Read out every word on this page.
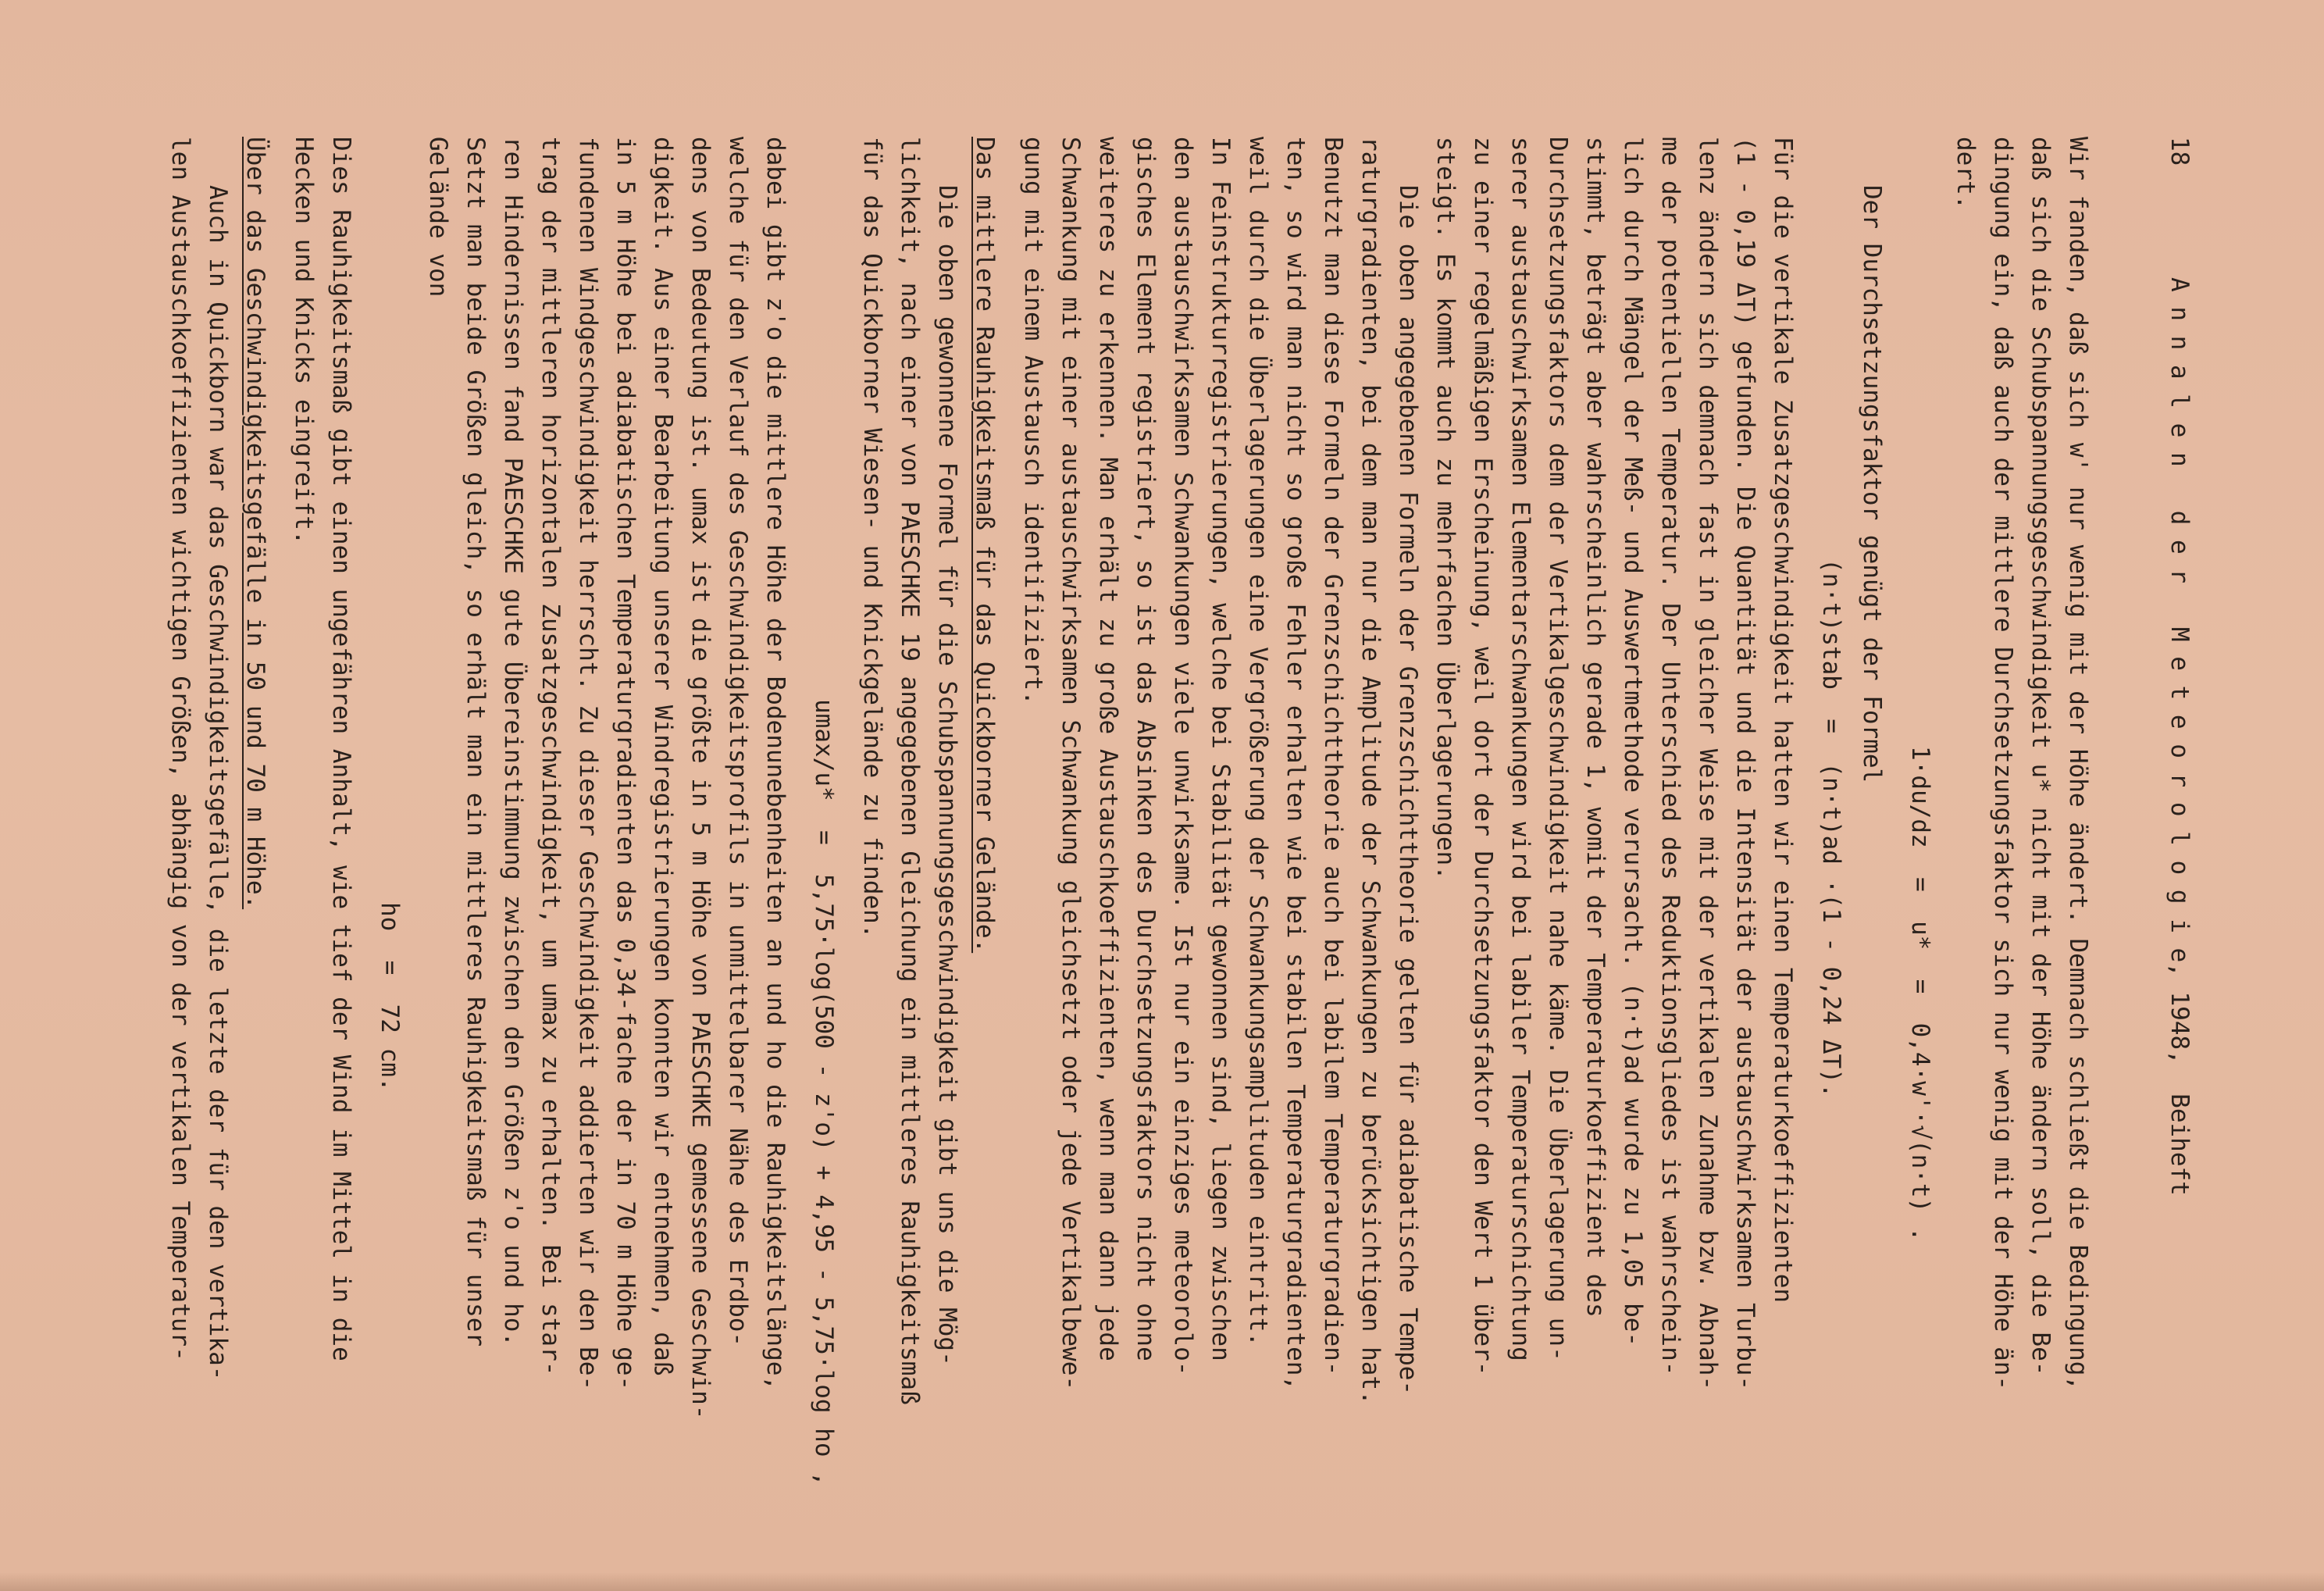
18
A n n a l e n   d e r   M e t e o r o l o g i e, 1948,  Beiheft
Wir fanden, daß sich w' nur wenig mit der Höhe ändert. Demnach schließt die Bedingung,
daß sich die Schubspannungsgeschwindigkeit u* nicht mit der Höhe ändern soll, die Be-
dingung ein, daß auch der mittlere Durchsetzungsfaktor sich nur wenig mit der Höhe än-
dert.
1·du/dz  =  u*  =  0,4·w'·√(n·t) .
Der Durchsetzungsfaktor genügt der Formel
(n·t)stab  =  (n·t)ad ·(1 - 0,24 ΔT).
Für die vertikale Zusatzgeschwindigkeit hatten wir einen Temperaturkoeffizienten
(1 - 0,19 ΔT) gefunden. Die Quantität und die Intensität der austauschwirksamen Turbu-
lenz ändern sich demnach fast in gleicher Weise mit der vertikalen Zunahme bzw. Abnah-
me der potentiellen Temperatur. Der Unterschied des Reduktionsgliedes ist wahrschein-
lich durch Mängel der Meß- und Auswertmethode verursacht. (n·t)ad wurde zu 1,05 be-
stimmt, beträgt aber wahrscheinlich gerade 1, womit der Temperaturkoeffizient des
Durchsetzungsfaktors dem der Vertikalgeschwindigkeit nahe käme. Die Überlagerung un-
serer austauschwirksamen Elementarschwankungen wird bei labiler Temperaturschichtung
zu einer regelmäßigen Erscheinung, weil dort der Durchsetzungsfaktor den Wert 1 über-
steigt. Es kommt auch zu mehrfachen Überlagerungen.
Die oben angegebenen Formeln der Grenzschichttheorie gelten für adiabatische Tempe-
raturgradienten, bei dem man nur die Amplitude der Schwankungen zu berücksichtigen hat.
Benutzt man diese Formeln der Grenzschichttheorie auch bei labilem Temperaturgradien-
ten, so wird man nicht so große Fehler erhalten wie bei stabilen Temperaturgradienten,
weil durch die Überlagerungen eine Vergrößerung der Schwankungsamplituden eintritt.
In Feinstrukturregistrierungen, welche bei Stabilität gewonnen sind, liegen zwischen
den austauschwirksamen Schwankungen viele unwirksame. Ist nur ein einziges meteorolo-
gisches Element registriert, so ist das Absinken des Durchsetzungsfaktors nicht ohne
weiteres zu erkennen. Man erhält zu große Austauschkoeffizienten, wenn man dann jede
Schwankung mit einer austauschwirksamen Schwankung gleichsetzt oder jede Vertikalbewe-
gung mit einem Austausch identifiziert.
Das mittlere Rauhigkeitsmaß für das Quickborner Gelände.
Die oben gewonnene Formel für die Schubspannungsgeschwindigkeit gibt uns die Mög-
lichkeit, nach einer von PAESCHKE 19 angegebenen Gleichung ein mittleres Rauhigkeitsmaß
für das Quickborner Wiesen- und Knickgelände zu finden.
umax/u*  =  5,75·log(500 - z'o) + 4,95 - 5,75·log ho ,
dabei gibt z'o die mittlere Höhe der Bodenunebenheiten an und ho die Rauhigkeitslänge,
welche für den Verlauf des Geschwindigkeitsprofils in unmittelbarer Nähe des Erdbo-
dens von Bedeutung ist. umax ist die größte in 5 m Höhe von PAESCHKE gemessene Geschwin-
digkeit. Aus einer Bearbeitung unserer Windregistrierungen konnten wir entnehmen, daß
in 5 m Höhe bei adiabatischen Temperaturgradienten das 0,34-fache der in 70 m Höhe ge-
fundenen Windgeschwindigkeit herrscht. Zu dieser Geschwindigkeit addierten wir den Be-
trag der mittleren horizontalen Zusatzgeschwindigkeit, um umax zu erhalten. Bei star-
ren Hindernissen fand PAESCHKE gute Übereinstimmung zwischen den Größen z'o und ho.
Setzt man beide Größen gleich, so erhält man ein mittleres Rauhigkeitsmaß für unser
Gelände von
ho  =  72 cm.
Dies Rauhigkeitsmaß gibt einen ungefähren Anhalt, wie tief der Wind im Mittel in die
Hecken und Knicks eingreift.
Über das Geschwindigkeitsgefälle in 50 und 70 m Höhe.
Auch in Quickborn war das Geschwindigkeitsgefälle, die letzte der für den vertika-
len Austauschkoeffizienten wichtigen Größen, abhängig von der vertikalen Temperatur-
